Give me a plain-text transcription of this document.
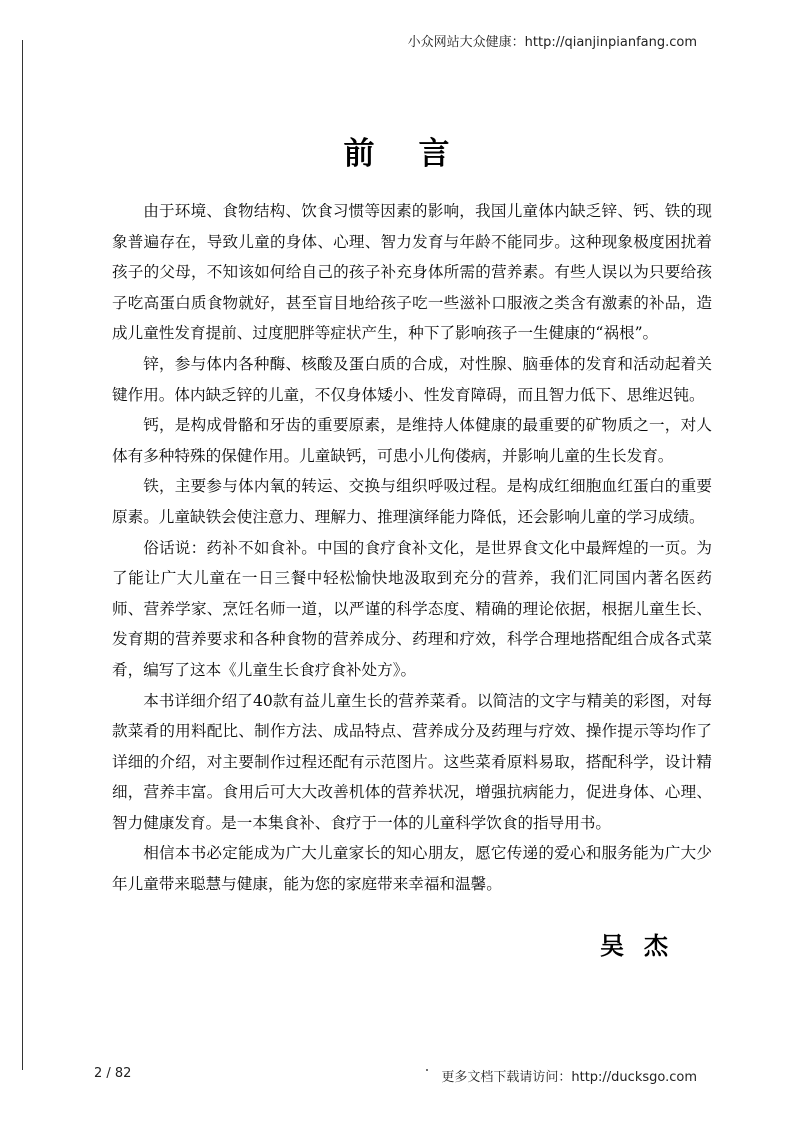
小众网站大众健康：http://qianjinpianfang.com
前言

由于环境、食物结构、饮食习惯等因素的影响，我国儿童体内缺乏锌、钙、铁的现象普遍存在，导致儿童的身体、心理、智力发育与年龄不能同步。这种现象极度困扰着孩子的父母，不知该如何给自己的孩子补充身体所需的营养素。有些人误以为只要给孩子吃高蛋白质食物就好，甚至盲目地给孩子吃一些滋补口服液之类含有激素的补品，造成儿童性发育提前、过度肥胖等症状产生，种下了影响孩子一生健康的“祸根”。

锌，参与体内各种酶、核酸及蛋白质的合成，对性腺、脑垂体的发育和活动起着关键作用。体内缺乏锌的儿童，不仅身体矮小、性发育障碍，而且智力低下、思维迟钝。

钙，是构成骨骼和牙齿的重要原素，是维持人体健康的最重要的矿物质之一，对人体有多种特殊的保健作用。儿童缺钙，可患小儿佝偻病，并影响儿童的生长发育。

铁，主要参与体内氧的转运、交换与组织呼吸过程。是构成红细胞血红蛋白的重要原素。儿童缺铁会使注意力、理解力、推理演绎能力降低，还会影响儿童的学习成绩。

俗话说：药补不如食补。中国的食疗食补文化，是世界食文化中最辉煌的一页。为了能让广大儿童在一日三餐中轻松愉快地汲取到充分的营养，我们汇同国内著名医药师、营养学家、烹饪名师一道，以严谨的科学态度、精确的理论依据，根据儿童生长、发育期的营养要求和各种食物的营养成分、药理和疗效，科学合理地搭配组合成各式菜肴，编写了这本《儿童生长食疗食补处方》。

本书详细介绍了40款有益儿童生长的营养菜肴。以简洁的文字与精美的彩图，对每款菜肴的用料配比、制作方法、成品特点、营养成分及药理与疗效、操作提示等均作了详细的介绍，对主要制作过程还配有示范图片。这些菜肴原料易取，搭配科学，设计精细，营养丰富。食用后可大大改善机体的营养状况，增强抗病能力，促进身体、心理、智力健康发育。是一本集食补、食疗于一体的儿童科学饮食的指导用书。

相信本书必定能成为广大儿童家长的知心朋友，愿它传递的爱心和服务能为广大少年儿童带来聪慧与健康，能为您的家庭带来幸福和温馨。

吴杰
2 / 82	更多文档下载请访问：http://ducksgo.com
